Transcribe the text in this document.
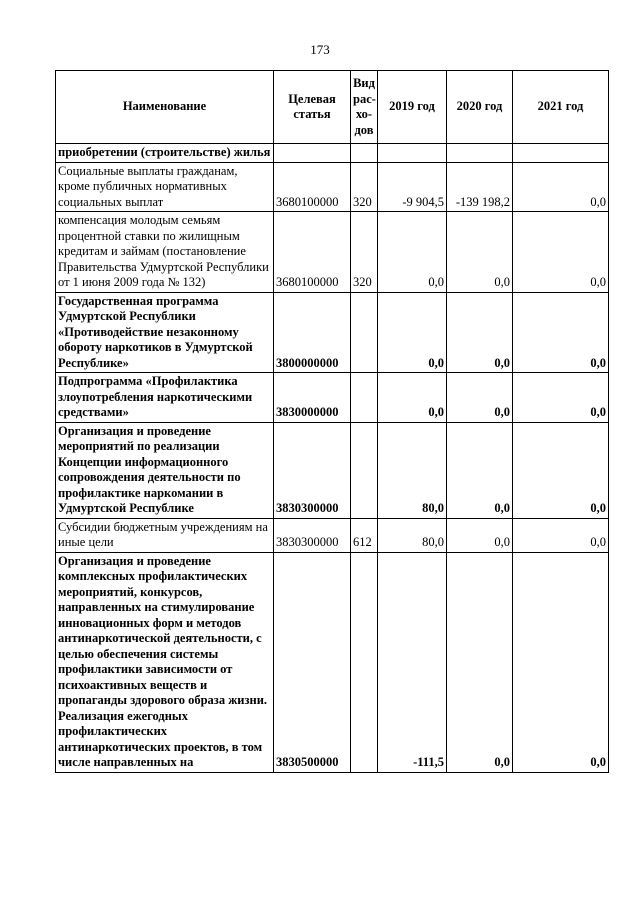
173
Наименование	Целевая статья	Вид рас-хо-дов	2019 год	2020 год	2021 год
приобретении (строительстве) жилья					
Социальные выплаты гражданам, кроме публичных нормативных социальных выплат	3680100000	320	-9 904,5	-139 198,2	0,0
компенсация молодым семьям процентной ставки по жилищным кредитам и займам (постановление Правительства Удмуртской Республики от 1 июня 2009 года № 132)	3680100000	320	0,0	0,0	0,0
Государственная программа Удмуртской Республики «Противодействие незаконному обороту наркотиков в Удмуртской Республике»	3800000000		0,0	0,0	0,0
Подпрограмма «Профилактика злоупотребления наркотическими средствами»	3830000000		0,0	0,0	0,0
Организация и проведение мероприятий по реализации Концепции информационного сопровождения деятельности по профилактике наркомании в Удмуртской Республике	3830300000		80,0	0,0	0,0
Субсидии бюджетным учреждениям на иные цели	3830300000	612	80,0	0,0	0,0
Организация и проведение комплексных профилактических мероприятий, конкурсов, направленных на стимулирование инновационных форм и методов антинаркотической деятельности, с целью обеспечения системы профилактики зависимости от психоактивных веществ и пропаганды здорового образа жизни. Реализация ежегодных профилактических антинаркотических проектов, в том числе направленных на	3830500000		-111,5	0,0	0,0
